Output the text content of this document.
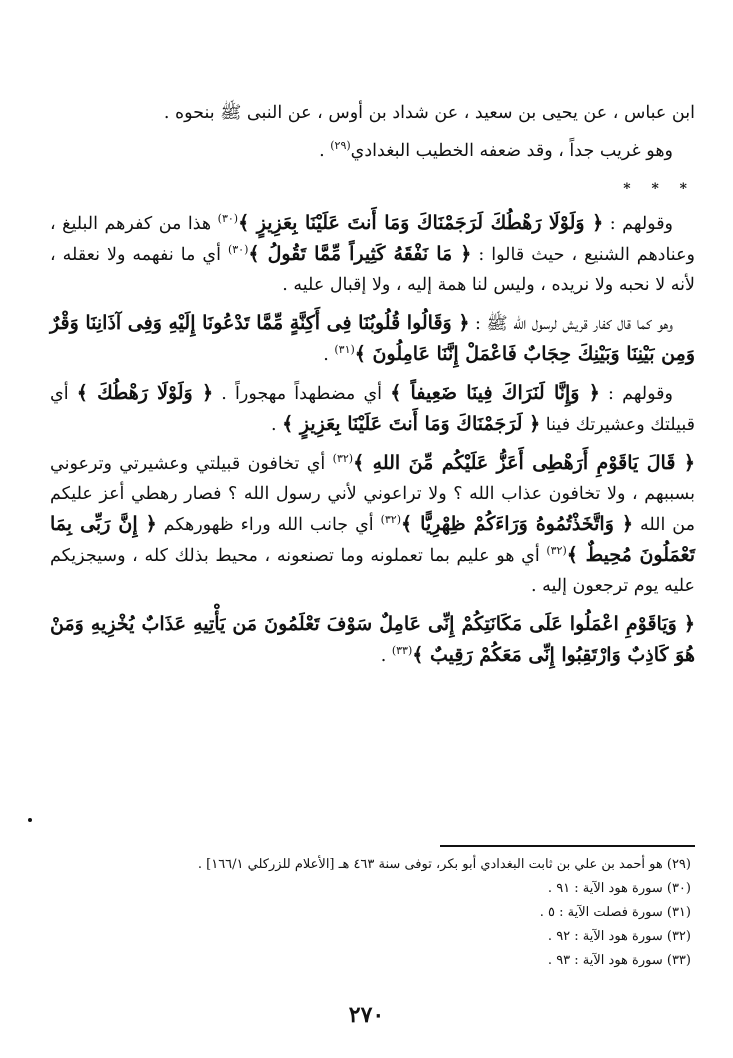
ابن عباس ، عن يحيى بن سعيد ، عن شداد بن أوس ، عن النبى ﷺ بنحوه .

وهو غريب جداً ، وقد ضعفه الخطيب البغدادي$^{(٢٩)}$ .

* * *

وقولهم : ﴿ وَلَوْلَا رَهْطُكَ لَرَجَمْنَاكَ وَمَا أَنتَ عَلَيْنَا بِعَزِيزٍ ﴾$^{(٣٠)}$ هذا من كفرهم البليغ ، وعنادهم الشنيع ، حيث قالوا : ﴿ مَا نَفْقَهُ كَثِيراً مِّمَّا تَقُولُ ﴾$^{(٣٠)}$ أي ما نفهمه ولا نعقله ، لأنه لا نحبه ولا نريده ، وليس لنا همة إليه ، ولا إقبال عليه .

وهو كما قال كفار قريش لرسول الله ﷺ : ﴿ وَقَالُوا قُلُوبُنَا فِى أَكِنَّةٍ مِّمَّا تَدْعُونَا إِلَيْهِ وَفِى آذَانِنَا وَقْرٌ وَمِن بَيْنِنَا وَبَيْنِكَ حِجَابٌ فَاعْمَلْ إِنَّنَا عَامِلُونَ ﴾$^{(٣١)}$ .

وقولهم : ﴿ وَإِنَّا لَنَرَاكَ فِينَا ضَعِيفاً ﴾ أي مضطهداً مهجوراً . ﴿ وَلَوْلَا رَهْطُكَ ﴾ أي قبيلتك وعشيرتك فينا ﴿ لَرَجَمْنَاكَ وَمَا أَنتَ عَلَيْنَا بِعَزِيزٍ ﴾ .

﴿ قَالَ يَاقَوْمِ أَرَهْطِى أَعَزُّ عَلَيْكُم مِّنَ اللهِ ﴾$^{(٣٢)}$ أي تخافون قبيلتي وعشيرتي وترعوني بسببهم ، ولا تخافون عذاب الله ؟ ولا تراعوني لأني رسول الله ؟ فصار رهطي أعز عليكم من الله ﴿ وَاتَّخَذْتُمُوهُ وَرَاءَكُمْ ظِهْرِيًّا ﴾$^{(٣٢)}$ أي جانب الله وراء ظهورهكم ﴿ إِنَّ رَبِّى بِمَا تَعْمَلُونَ مُحِيطٌ ﴾$^{(٣٢)}$ أي هو عليم بما تعملونه وما تصنعونه ، محيط بذلك كله ، وسيجزيكم عليه يوم ترجعون إليه .

﴿ وَيَاقَوْمِ اعْمَلُوا عَلَى مَكَانَتِكُمْ إِنِّى عَامِلٌ سَوْفَ تَعْلَمُونَ مَن يَأْتِيهِ عَذَابٌ يُخْزِيهِ وَمَنْ هُوَ كَاذِبٌ وَارْتَقِبُوا إِنِّى مَعَكُمْ رَقِيبٌ ﴾$^{(٣٣)}$ .

(٢٩) هو أحمد بن علي بن ثابت البغدادي أبو بكر، توفى سنة ٤٦٣ هـ [الأعلام للزركلي ١٦٦/١] .
(٣٠) سورة هود الآية : ٩١ .
(٣١) سورة فصلت الآية : ٥ .
(٣٢) سورة هود الآية : ٩٢ .
(٣٣) سورة هود الآية : ٩٣ .
٢٧٠
